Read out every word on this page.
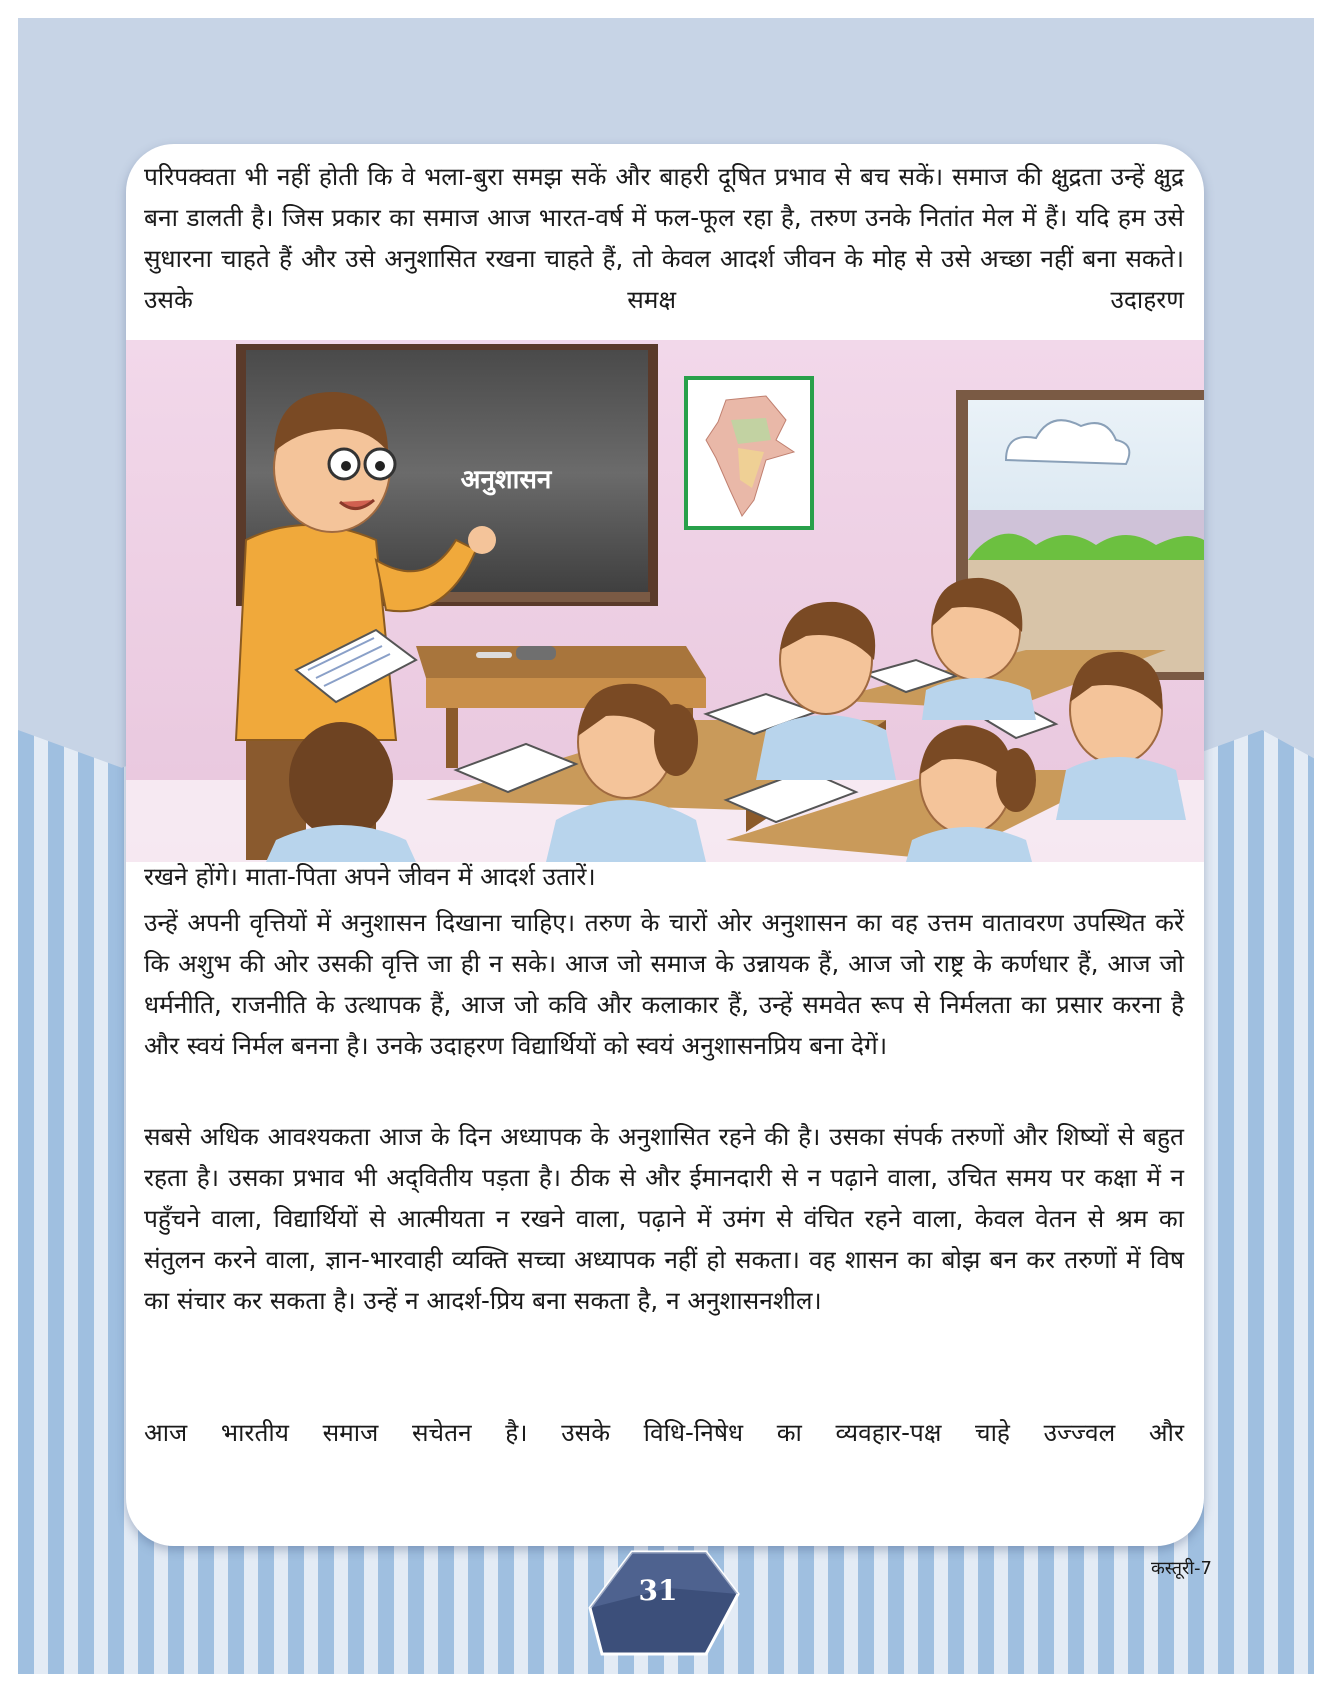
परिपक्वता भी नहीं होती कि वे भला-बुरा समझ सकें और बाहरी दूषित प्रभाव से बच सकें। समाज की क्षुद्रता उन्हें क्षुद्र बना डालती है। जिस प्रकार का समाज आज भारत-वर्ष में फल-फूल रहा है, तरुण उनके नितांत मेल में हैं। यदि हम उसे सुधारना चाहते हैं और उसे अनुशासित रखना चाहते हैं, तो केवल आदर्श जीवन के मोह से उसे अच्छा नहीं बना सकते। उसके समक्ष उदाहरण

अनुशासन

रखने होंगे। माता-पिता अपने जीवन में आदर्श उतारें।

उन्हें अपनी वृत्तियों में अनुशासन दिखाना चाहिए। तरुण के चारों ओर अनुशासन का वह उत्तम वातावरण उपस्थित करें कि अशुभ की ओर उसकी वृत्ति जा ही न सके। आज जो समाज के उन्नायक हैं, आज जो राष्ट्र के कर्णधार हैं, आज जो धर्मनीति, राजनीति के उत्थापक हैं, आज जो कवि और कलाकार हैं, उन्हें समवेत रूप से निर्मलता का प्रसार करना है और स्वयं निर्मल बनना है। उनके उदाहरण विद्यार्थियों को स्वयं अनुशासनप्रिय बना देगें।

सबसे अधिक आवश्यकता आज के दिन अध्यापक के अनुशासित रहने की है। उसका संपर्क तरुणों और शिष्यों से बहुत रहता है। उसका प्रभाव भी अद्‌वितीय पड़ता है। ठीक से और ईमानदारी से न पढ़ाने वाला, उचित समय पर कक्षा में न पहुँचने वाला, विद्यार्थियों से आत्मीयता न रखने वाला, पढ़ाने में उमंग से वंचित रहने वाला, केवल वेतन से श्रम का संतुलन करने वाला, ज्ञान-भारवाही व्यक्ति सच्चा अध्यापक नहीं हो सकता। वह शासन का बोझ बन कर तरुणों में विष का संचार कर सकता है। उन्हें न आदर्श-प्रिय बना सकता है, न अनुशासनशील।

आज भारतीय समाज सचेतन है। उसके विधि-निषेध का व्यवहार-पक्ष चाहे उज्ज्वल और

कस्तूरी-7
31
